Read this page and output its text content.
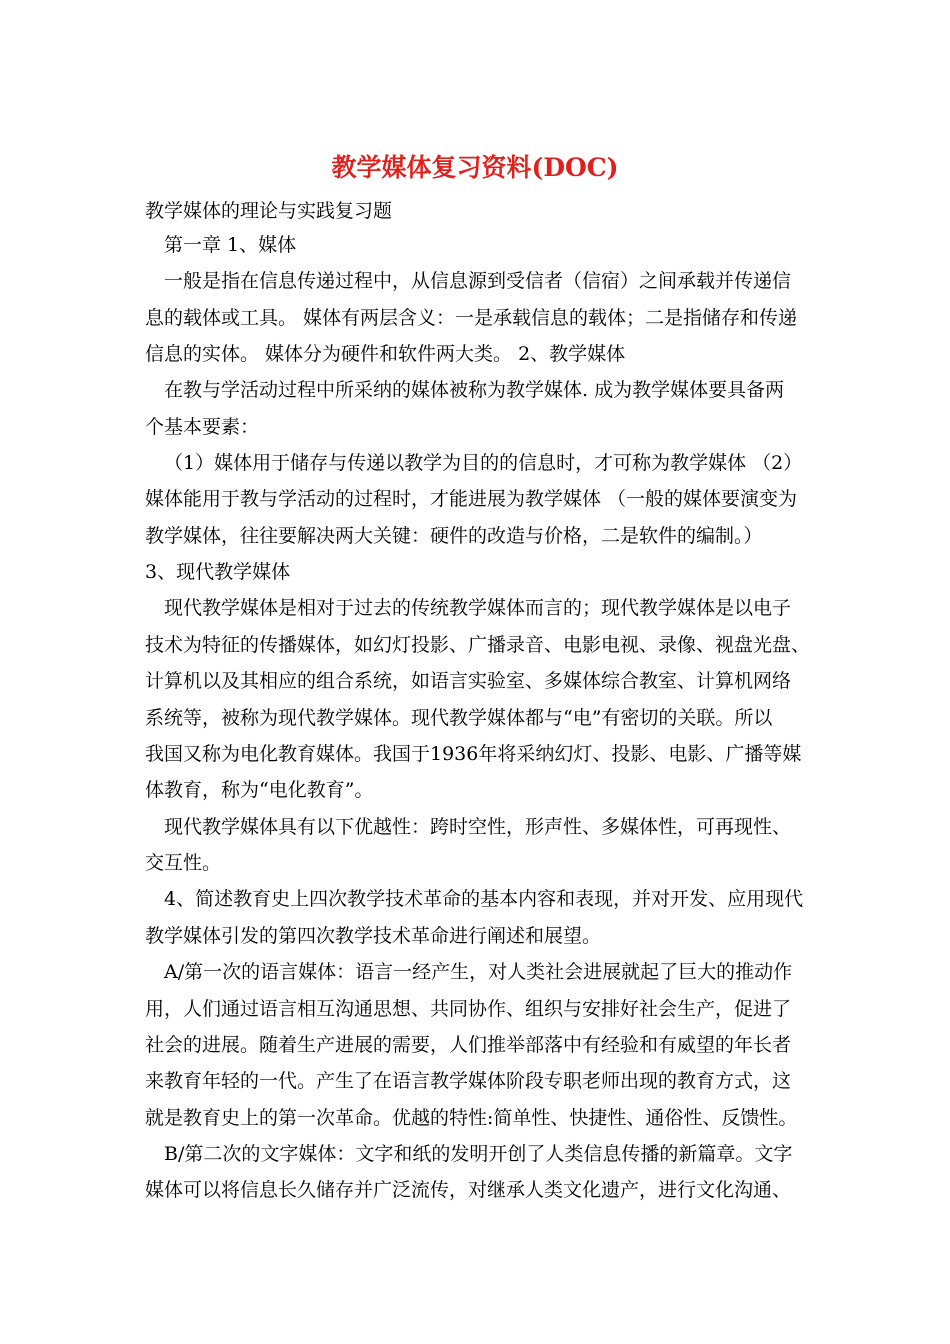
教学媒体复习资料(DOC)
教学媒体的理论与实践复习题
第一章 1、媒体
一般是指在信息传递过程中，从信息源到受信者（信宿）之间承载并传递信
息的载体或工具。 媒体有两层含义：一是承载信息的载体；二是指储存和传递
信息的实体。 媒体分为硬件和软件两大类。 2、教学媒体
在教与学活动过程中所采纳的媒体被称为教学媒体. 成为教学媒体要具备两
个基本要素：
（1）媒体用于储存与传递以教学为目的的信息时，才可称为教学媒体 （2）
媒体能用于教与学活动的过程时，才能进展为教学媒体 （一般的媒体要演变为
教学媒体，往往要解决两大关键：硬件的改造与价格，二是软件的编制。）
3、现代教学媒体
现代教学媒体是相对于过去的传统教学媒体而言的；现代教学媒体是以电子
技术为特征的传播媒体，如幻灯投影、广播录音、电影电视、录像、视盘光盘、
计算机以及其相应的组合系统，如语言实验室、多媒体综合教室、计算机网络
系统等，被称为现代教学媒体。现代教学媒体都与“电”有密切的关联。所以
我国又称为电化教育媒体。我国于1936年将采纳幻灯、投影、电影、广播等媒
体教育，称为“电化教育”。
现代教学媒体具有以下优越性：跨时空性，形声性、多媒体性，可再现性、
交互性。
4、简述教育史上四次教学技术革命的基本内容和表现，并对开发、应用现代
教学媒体引发的第四次教学技术革命进行阐述和展望。
A/第一次的语言媒体：语言一经产生，对人类社会进展就起了巨大的推动作
用，人们通过语言相互沟通思想、共同协作、组织与安排好社会生产，促进了
社会的进展。随着生产进展的需要，人们推举部落中有经验和有威望的年长者
来教育年轻的一代。产生了在语言教学媒体阶段专职老师出现的教育方式，这
就是教育史上的第一次革命。优越的特性:简单性、快捷性、通俗性、反馈性。
B/第二次的文字媒体：文字和纸的发明开创了人类信息传播的新篇章。文字
媒体可以将信息长久储存并广泛流传，对继承人类文化遗产，进行文化沟通、
